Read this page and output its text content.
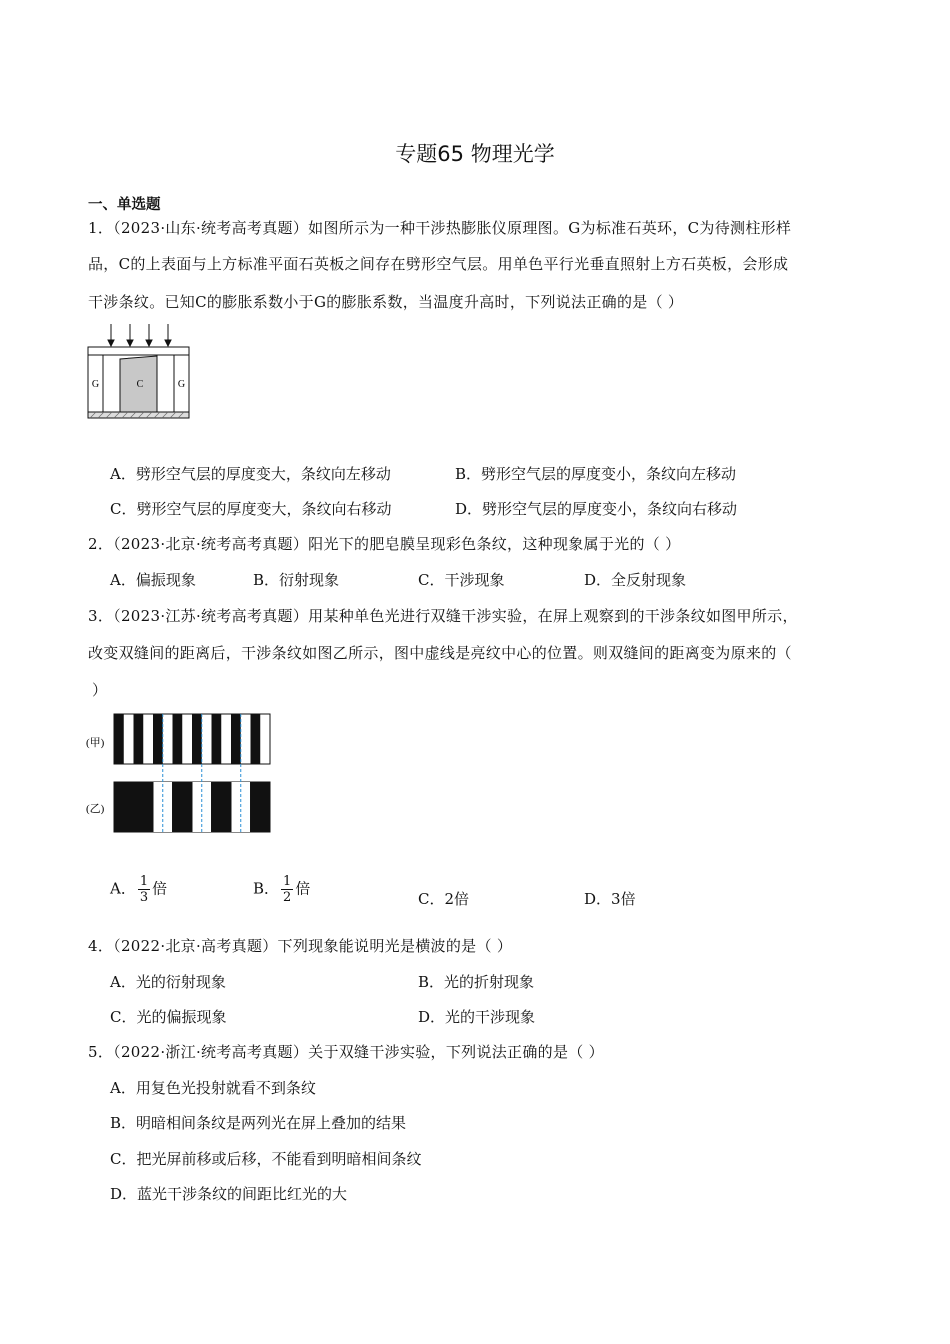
专题65 物理光学
一、单选题
1．（2023·山东·统考高考真题）如图所示为一种干涉热膨胀仪原理图。G为标准石英环，C为待测柱形样
品，C的上表面与上方标准平面石英板之间存在劈形空气层。用单色平行光垂直照射上方石英板，会形成
干涉条纹。已知C的膨胀系数小于G的膨胀系数，当温度升高时，下列说法正确的是（ ）
G	C	G
A．劈形空气层的厚度变大，条纹向左移动	B．劈形空气层的厚度变小，条纹向左移动
C．劈形空气层的厚度变大，条纹向右移动	D．劈形空气层的厚度变小，条纹向右移动
2．（2023·北京·统考高考真题）阳光下的肥皂膜呈现彩色条纹，这种现象属于光的（ ）
A．偏振现象	B．衍射现象	C．干涉现象	D．全反射现象
3．（2023·江苏·统考高考真题）用某种单色光进行双缝干涉实验，在屏上观察到的干涉条纹如图甲所示，
改变双缝间的距离后，干涉条纹如图乙所示，图中虚线是亮纹中心的位置。则双缝间的距离变为原来的（
）
(甲)
(乙)
A． $\frac{1}{3}$ 倍	B． $\frac{1}{2}$ 倍
C．2倍	D．3倍
4．（2022·北京·高考真题）下列现象能说明光是横波的是（ ）
A．光的衍射现象	B．光的折射现象
C．光的偏振现象	D．光的干涉现象
5．（2022·浙江·统考高考真题）关于双缝干涉实验，下列说法正确的是（ ）
A．用复色光投射就看不到条纹
B．明暗相间条纹是两列光在屏上叠加的结果
C．把光屏前移或后移，不能看到明暗相间条纹
D．蓝光干涉条纹的间距比红光的大
